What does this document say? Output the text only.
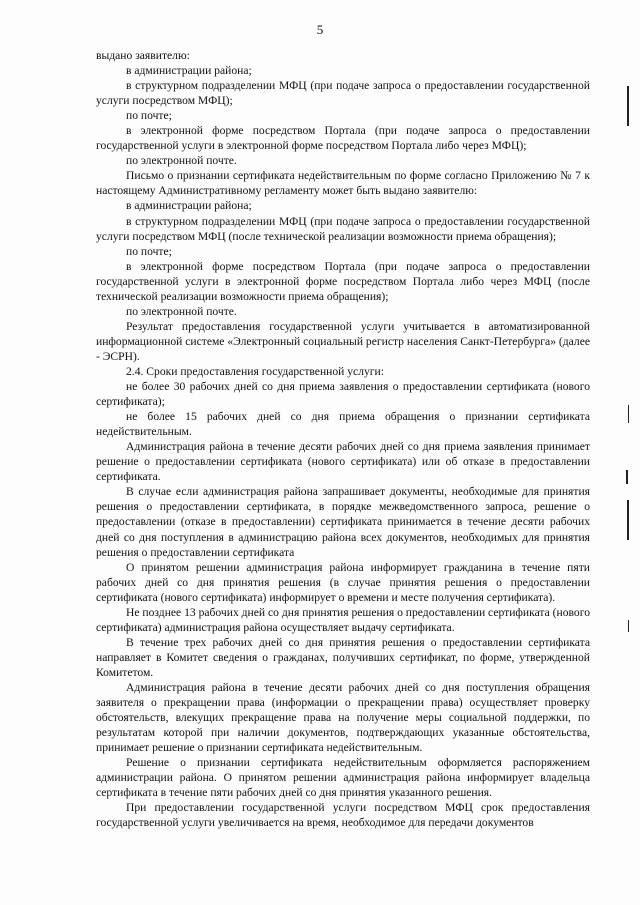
5

выдано заявителю:

в администрации района;

в структурном подразделении МФЦ (при подаче запроса о предоставлении государственной услуги посредством МФЦ);

по почте;

в электронной форме посредством Портала (при подаче запроса о предоставлении государственной услуги в электронной форме посредством Портала либо через МФЦ);

по электронной почте.

Письмо о признании сертификата недействительным по форме согласно Приложению № 7 к настоящему Административному регламенту может быть выдано заявителю:

в администрации района;

в структурном подразделении МФЦ (при подаче запроса о предоставлении государственной услуги посредством МФЦ (после технической реализации возможности приема обращения);

по почте;

в электронной форме посредством Портала (при подаче запроса о предоставлении государственной услуги в электронной форме посредством Портала либо через МФЦ (после технической реализации возможности приема обращения);

по электронной почте.

Результат предоставления государственной услуги учитывается в автоматизированной информационной системе «Электронный социальный регистр населения Санкт-Петербурга» (далее - ЭСРН).

2.4. Сроки предоставления государственной услуги:

не более 30 рабочих дней со дня приема заявления о предоставлении сертификата (нового сертификата);

не более 15 рабочих дней со дня приема обращения о признании сертификата недействительным.

Администрация района в течение десяти рабочих дней со дня приема заявления принимает решение о предоставлении сертификата (нового сертификата) или об отказе в предоставлении сертификата.

В случае если администрация района запрашивает документы, необходимые для принятия решения о предоставлении сертификата, в порядке межведомственного запроса, решение о предоставлении (отказе в предоставлении) сертификата принимается в течение десяти рабочих дней со дня поступления в администрацию района всех документов, необходимых для принятия решения о предоставлении сертификата

О принятом решении администрация района информирует гражданина в течение пяти рабочих дней со дня принятия решения (в случае принятия решения о предоставлении сертификата (нового сертификата) информирует о времени и месте получения сертификата).

Не позднее 13 рабочих дней со дня принятия решения о предоставлении сертификата (нового сертификата) администрация района осуществляет выдачу сертификата.

В течение трех рабочих дней со дня принятия решения о предоставлении сертификата направляет в Комитет сведения о гражданах, получивших сертификат, по форме, утвержденной Комитетом.

Администрация района в течение десяти рабочих дней со дня поступления обращения заявителя о прекращении права (информации о прекращении права) осуществляет проверку обстоятельств, влекущих прекращение права на получение меры социальной поддержки, по результатам которой при наличии документов, подтверждающих указанные обстоятельства, принимает решение о признании сертификата недействительным.

Решение о признании сертификата недействительным оформляется распоряжением администрации района. О принятом решении администрация района информирует владельца сертификата в течение пяти рабочих дней со дня принятия указанного решения.

При предоставлении государственной услуги посредством МФЦ срок предоставления государственной услуги увеличивается на время, необходимое для передачи документов
